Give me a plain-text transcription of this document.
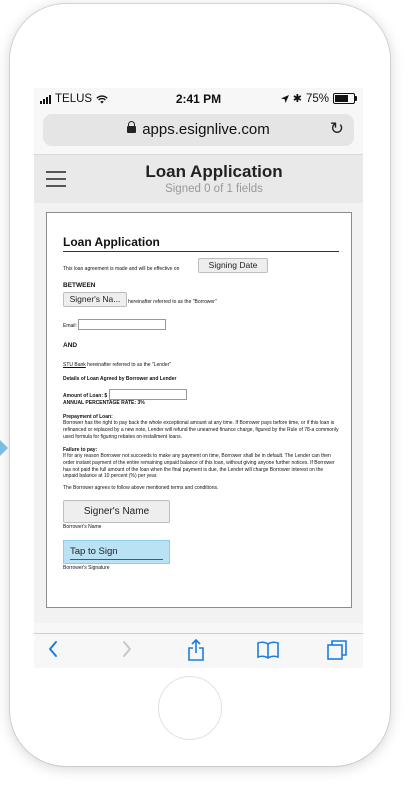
TELUS	2:41 PM	✱ 75%
apps.esignlive.com	↻
Loan Application
Signed 0 of 1 fields
Loan Application
This loan agreement is made and will be effective on	Signing Date
BETWEEN
Signer's Na...	hereinafter referred to as the "Borrower"
Email:
AND
STU Bank hereinafter referred to as the "Lender"
Details of Loan Agreed by Borrower and Lender
Amount of Loan: $
ANNUAL PERCENTAGE RATE: 3%
Prepayment of Loan:
Borrower has the right to pay back the whole exceptional amount at any time. If Borrower pays before time, or if this loan is refinanced or replaced by a new note, Lender will refund the unearned finance charge, figured by the Rule of 78-a commonly used formula for figuring rebates on installment loans.
Failure to pay:
If for any reason Borrower not succeeds to make any payment on time, Borrower shall be in default. The Lender can then order instant payment of the entire remaining unpaid balance of this loan, without giving anyone further notices. If Borrower has not paid the full amount of the loan when the final payment is due, the Lender will charge Borrower interest on the unpaid balance at 10 percent (%) per year.
The Borrower agrees to follow above mentioned terms and conditions.
Signer's Name
Borrower's Name
Tap to Sign
Borrower's Signature
